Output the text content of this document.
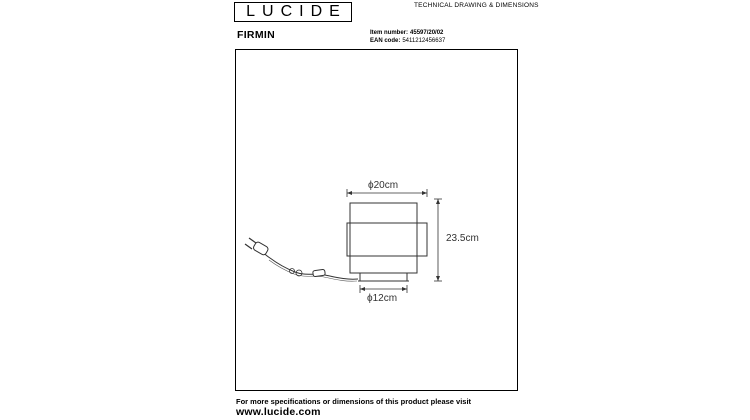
LUCIDE	TECHNICAL DRAWING & DIMENSIONS
FIRMIN	Item number: 45597/20/02
EAN code: 5411212456637
ϕ20cm
23.5cm
ϕ12cm
For more specifications or dimensions of this product please visit
www.lucide.com
